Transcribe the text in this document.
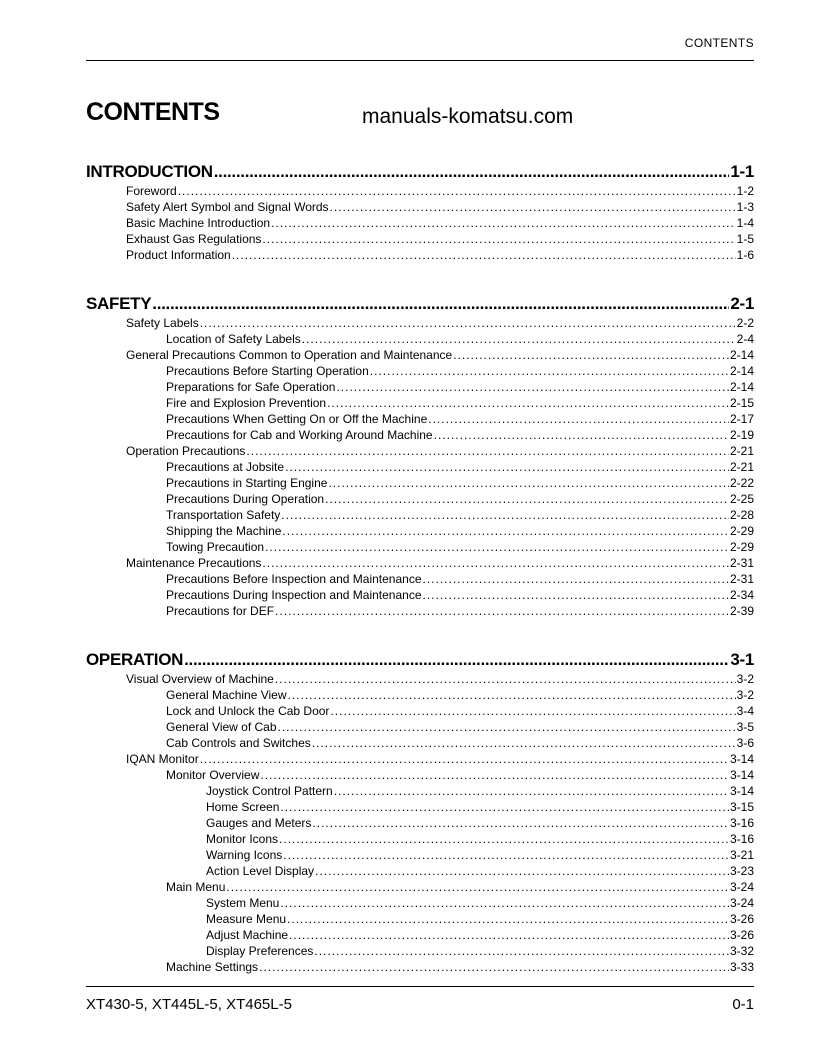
CONTENTS
CONTENTS	manuals-komatsu.com
INTRODUCTION .....	1-1
Foreword .....	1-2
Safety Alert Symbol and Signal Words .....	1-3
Basic Machine Introduction .....	1-4
Exhaust Gas Regulations .....	1-5
Product Information .....	1-6
SAFETY .....	2-1
Safety Labels .....	2-2
Location of Safety Labels .....	2-4
General Precautions Common to Operation and Maintenance .....	2-14
Precautions Before Starting Operation .....	2-14
Preparations for Safe Operation .....	2-14
Fire and Explosion Prevention .....	2-15
Precautions When Getting On or Off the Machine .....	2-17
Precautions for Cab and Working Around Machine .....	2-19
Operation Precautions .....	2-21
Precautions at Jobsite .....	2-21
Precautions in Starting Engine .....	2-22
Precautions During Operation .....	2-25
Transportation Safety .....	2-28
Shipping the Machine .....	2-29
Towing Precaution .....	2-29
Maintenance Precautions .....	2-31
Precautions Before Inspection and Maintenance .....	2-31
Precautions During Inspection and Maintenance .....	2-34
Precautions for DEF .....	2-39
OPERATION .....	3-1
Visual Overview of Machine .....	3-2
General Machine View .....	3-2
Lock and Unlock the Cab Door .....	3-4
General View of Cab .....	3-5
Cab Controls and Switches .....	3-6
IQAN Monitor .....	3-14
Monitor Overview .....	3-14
Joystick Control Pattern .....	3-14
Home Screen .....	3-15
Gauges and Meters .....	3-16
Monitor Icons .....	3-16
Warning Icons .....	3-21
Action Level Display .....	3-23
Main Menu .....	3-24
System Menu .....	3-24
Measure Menu .....	3-26
Adjust Machine .....	3-26
Display Preferences .....	3-32
Machine Settings .....	3-33
XT430-5, XT445L-5, XT465L-5	0-1
